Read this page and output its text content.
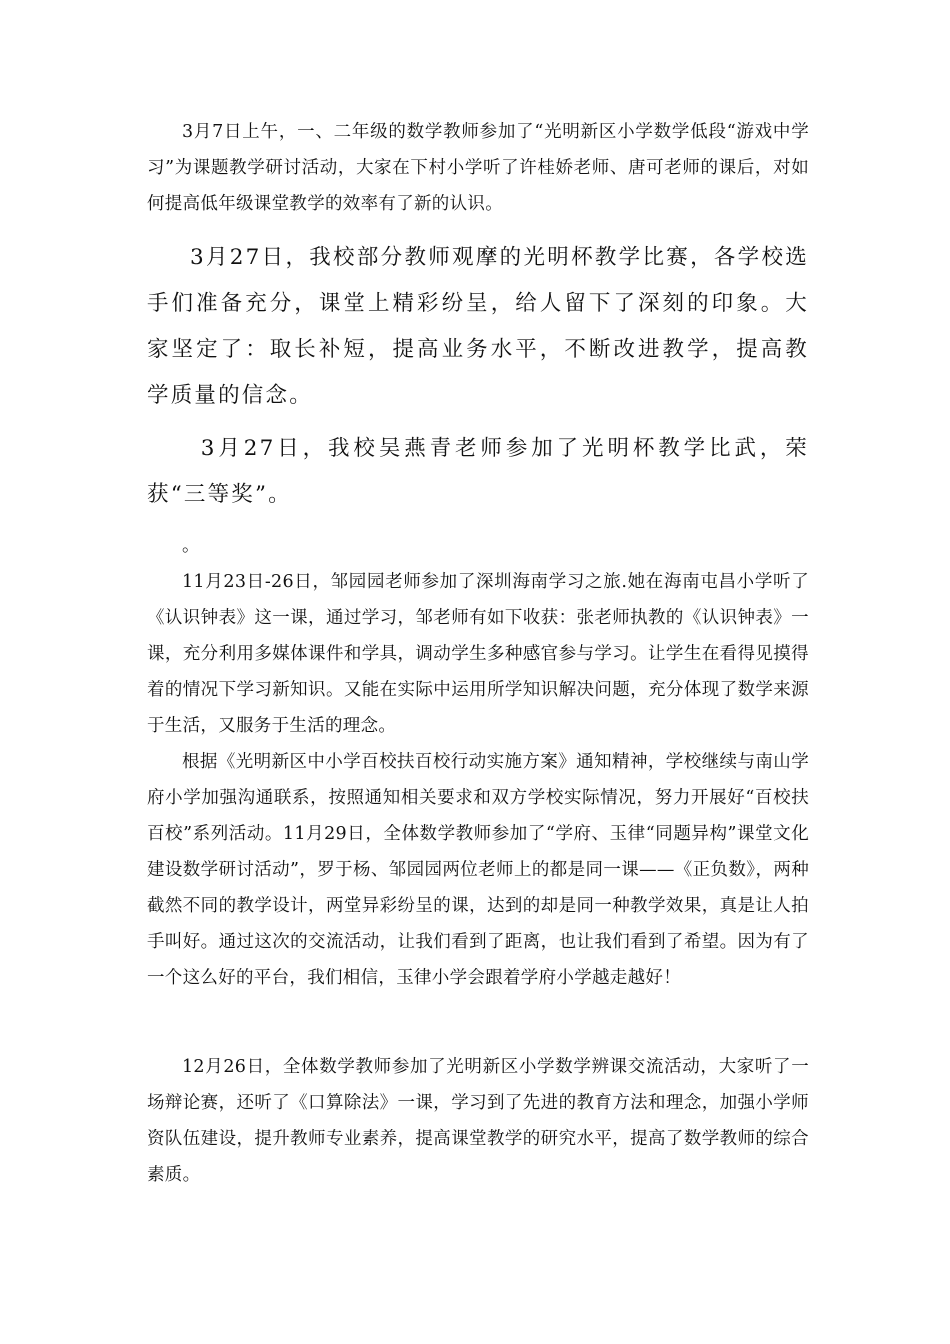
3月7日上午，一、二年级的数学教师参加了“光明新区小学数学低段“游戏中学习”为课题教学研讨活动，大家在下村小学听了许桂娇老师、唐可老师的课后，对如何提高低年级课堂教学的效率有了新的认识。

3月27日，我校部分教师观摩的光明杯教学比赛，各学校选手们准备充分，课堂上精彩纷呈，给人留下了深刻的印象。大家坚定了：取长补短，提高业务水平，不断改进教学，提高教学质量的信念。

3月27日，我校吴燕青老师参加了光明杯教学比武，荣获“三等奖”。

。

11月23日-26日，邹园园老师参加了深圳海南学习之旅.她在海南屯昌小学听了《认识钟表》这一课，通过学习，邹老师有如下收获：张老师执教的《认识钟表》一课，充分利用多媒体课件和学具，调动学生多种感官参与学习。让学生在看得见摸得着的情况下学习新知识。又能在实际中运用所学知识解决问题，充分体现了数学来源于生活，又服务于生活的理念。

根据《光明新区中小学百校扶百校行动实施方案》通知精神，学校继续与南山学府小学加强沟通联系，按照通知相关要求和双方学校实际情况，努力开展好“百校扶百校”系列活动。11月29日，全体数学教师参加了“学府、玉律“同题异构”课堂文化建设数学研讨活动”，罗于杨、邹园园两位老师上的都是同一课——《正负数》，两种截然不同的教学设计，两堂异彩纷呈的课，达到的却是同一种教学效果，真是让人拍手叫好。通过这次的交流活动，让我们看到了距离，也让我们看到了希望。因为有了一个这么好的平台，我们相信，玉律小学会跟着学府小学越走越好！

12月26日，全体数学教师参加了光明新区小学数学辨课交流活动，大家听了一场辩论赛，还听了《口算除法》一课，学习到了先进的教育方法和理念，加强小学师资队伍建设，提升教师专业素养，提高课堂教学的研究水平，提高了数学教师的综合素质。
